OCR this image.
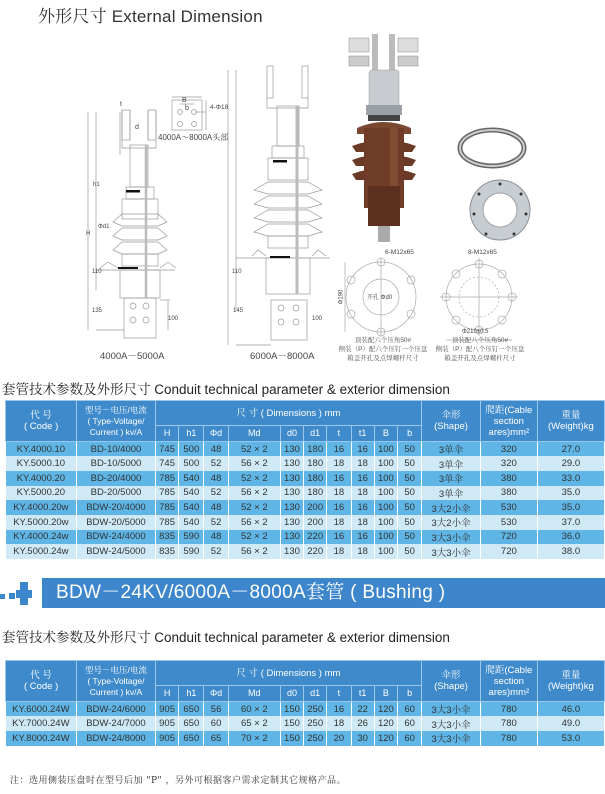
外形尺寸 External Dimension
4000A－5000A	6000A－8000A
4000A～8000A头部
4-Φ18
B
b
t
d
h1
H
Φd1
110
135	145
110
100	100
6-M12x65	8-M12x65
开孔 Φd0
Φ210±0.5
Φ190
顶装配六个压角50#
侧装（P）配六个压钉一个压盘
箱盖开孔及点焊螺杆尺寸
顶装配八个压角50#
侧装（P）配八个压钉一个压盘
箱盖开孔及点焊螺杆尺寸
套管技术参数及外形尺寸 Conduit technical parameter & exterior dimension
代 号
( Code )

型号－电压/电流
( Type-Voltage/
Current ) kv/A
	尺 寸 ( Dimensions ) mm	伞形
(Shape)

爬距(Cable
section
ares)mm²

重量
(Weight)kg

		H	h1	Φd	Md	d0	d1	t	t1	B	b			
KY.4000.10	BD-10/4000	745	500	48	52 × 2	130	180	16	16	100	50	3单伞	320	27.0
KY.5000.10	BD-10/5000	745	500	52	56 × 2	130	180	18	18	100	50	3单伞	320	29.0
KY.4000.20	BD-20/4000	785	540	48	52 × 2	130	180	16	16	100	50	3单伞	380	33.0
KY.5000.20	BD-20/5000	785	540	52	56 × 2	130	180	18	18	100	50	3单伞	380	35.0
KY.4000.20w	BDW-20/4000	785	540	48	52 × 2	130	200	16	16	100	50	3大2小伞	530	35.0
KY.5000.20w	BDW-20/5000	785	540	52	56 × 2	130	200	18	18	100	50	3大2小伞	530	37.0
KY.4000.24w	BDW-24/4000	835	590	48	52 × 2	130	220	16	16	100	50	3大3小伞	720	36.0
KY.5000.24w	BDW-24/5000	835	590	52	56 × 2	130	220	18	18	100	50	3大3小伞	720	38.0
BDW－24KV/6000A－8000A套管 ( Bushing )
套管技术参数及外形尺寸 Conduit technical parameter & exterior dimension
代 号
( Code )

型号－电压/电流
( Type-Voltage/
Current ) kv/A
	尺 寸 ( Dimensions ) mm	伞形
(Shape)

爬距(Cable
section
ares)mm²

重量
(Weight)kg

		H	h1	Φd	Md	d0	d1	t	t1	B	b			
KY.6000.24W	BDW-24/6000	905	650	56	60 × 2	150	250	16	22	120	60	3大3小伞	780	46.0
KY.7000.24W	BDW-24/7000	905	650	60	65 × 2	150	250	18	26	120	60	3大3小伞	780	49.0
KY.8000.24W	BDW-24/8000	905	650	65	70 × 2	150	250	20	30	120	60	3大3小伞	780	53.0
注：选用侧装压盘时在型号后加 "P" ，另外可根据客户需求定制其它规格产品。
